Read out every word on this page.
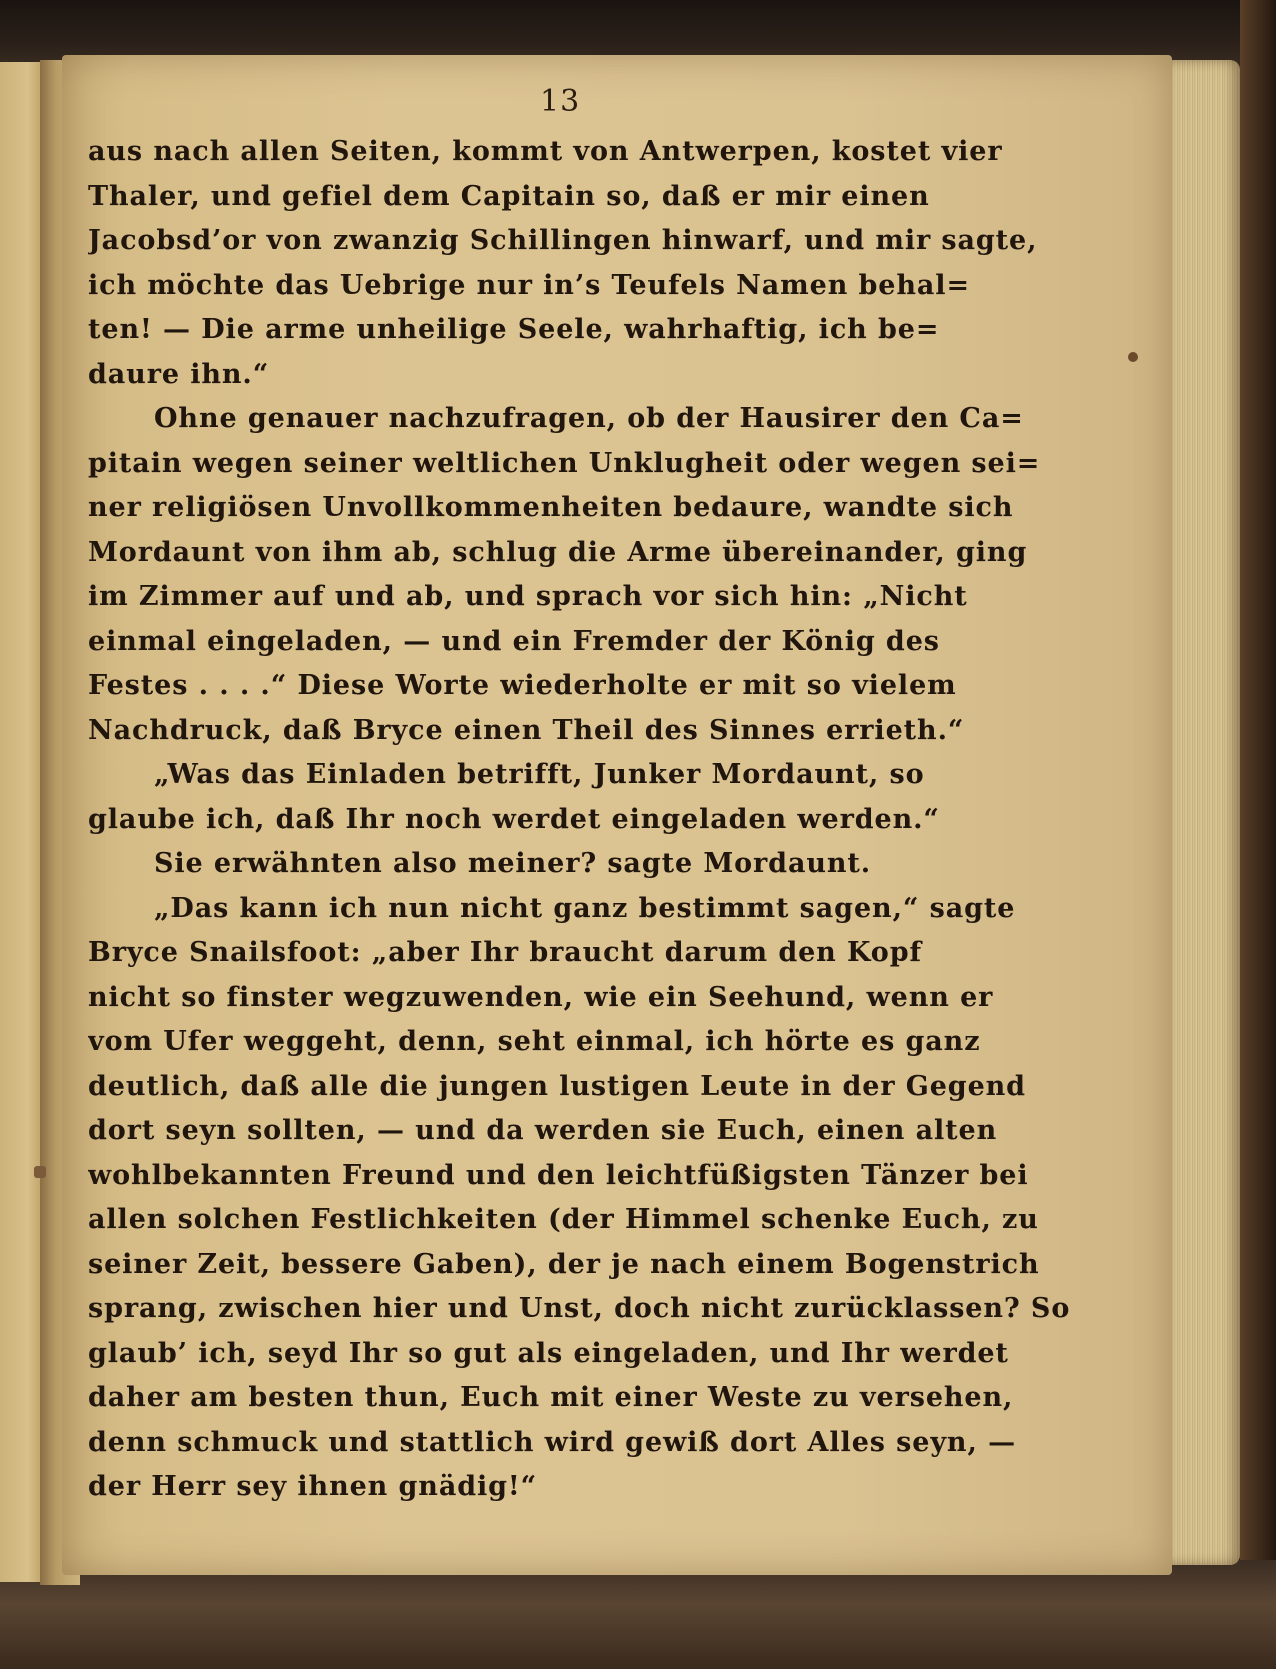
13
aus nach allen Seiten, kommt von Antwerpen, kostet vier
Thaler, und gefiel dem Capitain so, daß er mir einen
Jacobsd’or von zwanzig Schillingen hinwarf, und mir sagte,
ich möchte das Uebrige nur in’s Teufels Namen behal=
ten! — Die arme unheilige Seele, wahrhaftig, ich be=
daure ihn.“
Ohne genauer nachzufragen, ob der Hausirer den Ca=
pitain wegen seiner weltlichen Unklugheit oder wegen sei=
ner religiösen Unvollkommenheiten bedaure, wandte sich
Mordaunt von ihm ab, schlug die Arme übereinander, ging
im Zimmer auf und ab, und sprach vor sich hin: „Nicht
einmal eingeladen, — und ein Fremder der König des
Festes . . . .“ Diese Worte wiederholte er mit so vielem
Nachdruck, daß Bryce einen Theil des Sinnes errieth.“
„Was das Einladen betrifft, Junker Mordaunt, so
glaube ich, daß Ihr noch werdet eingeladen werden.“
Sie erwähnten also meiner? sagte Mordaunt.
„Das kann ich nun nicht ganz bestimmt sagen,“ sagte
Bryce Snailsfoot: „aber Ihr braucht darum den Kopf
nicht so finster wegzuwenden, wie ein Seehund, wenn er
vom Ufer weggeht, denn, seht einmal, ich hörte es ganz
deutlich, daß alle die jungen lustigen Leute in der Gegend
dort seyn sollten, — und da werden sie Euch, einen alten
wohlbekannten Freund und den leichtfüßigsten Tänzer bei
allen solchen Festlichkeiten (der Himmel schenke Euch, zu
seiner Zeit, bessere Gaben), der je nach einem Bogenstrich
sprang, zwischen hier und Unst, doch nicht zurücklassen? So
glaub’ ich, seyd Ihr so gut als eingeladen, und Ihr werdet
daher am besten thun, Euch mit einer Weste zu versehen,
denn schmuck und stattlich wird gewiß dort Alles seyn, —
der Herr sey ihnen gnädig!“
